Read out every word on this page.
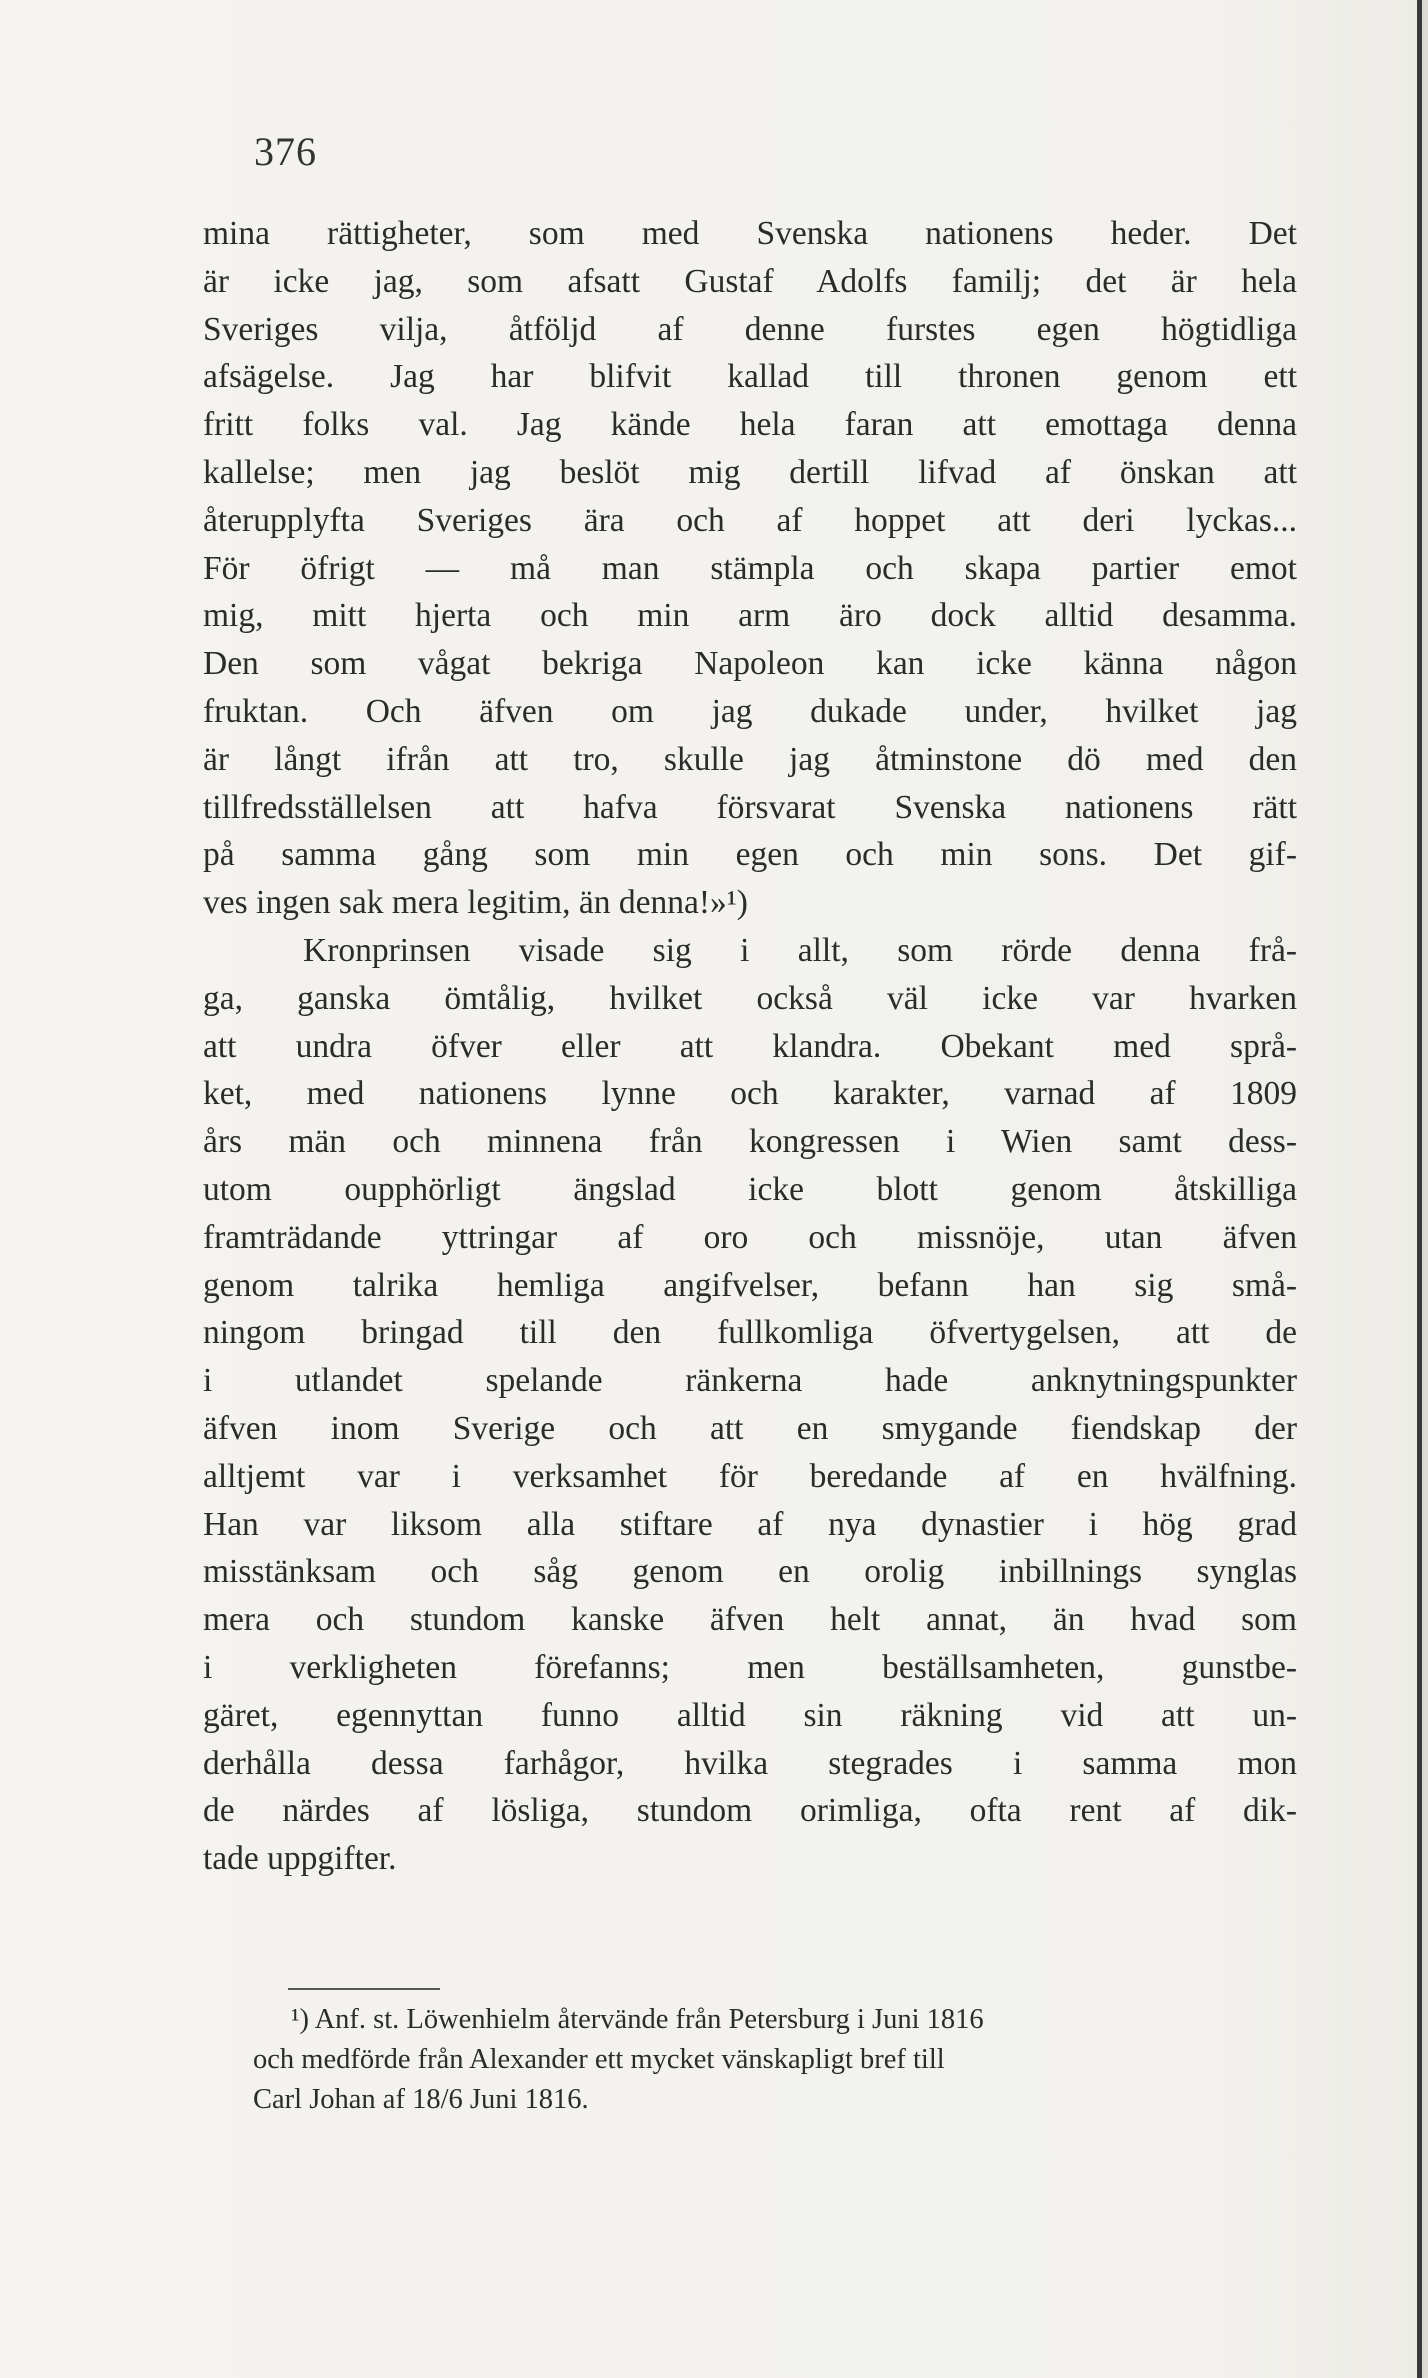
376
mina rättigheter, som med Svenska nationens heder. Det
är icke jag, som afsatt Gustaf Adolfs familj; det är hela
Sveriges vilja, åtföljd af denne furstes egen högtidliga
afsägelse. Jag har blifvit kallad till thronen genom ett
fritt folks val. Jag kände hela faran att emottaga denna
kallelse; men jag beslöt mig dertill lifvad af önskan att
återupplyfta Sveriges ära och af hoppet att deri lyckas...
För öfrigt — må man stämpla och skapa partier emot
mig, mitt hjerta och min arm äro dock alltid desamma.
Den som vågat bekriga Napoleon kan icke känna någon
fruktan. Och äfven om jag dukade under, hvilket jag
är långt ifrån att tro, skulle jag åtminstone dö med den
tillfredsställelsen att hafva försvarat Svenska nationens rätt
på samma gång som min egen och min sons. Det gif-
ves ingen sak mera legitim, än denna!»¹)
Kronprinsen visade sig i allt, som rörde denna frå-
ga, ganska ömtålig, hvilket också väl icke var hvarken
att undra öfver eller att klandra. Obekant med språ-
ket, med nationens lynne och karakter, varnad af 1809
års män och minnena från kongressen i Wien samt dess-
utom oupphörligt ängslad icke blott genom åtskilliga
framträdande yttringar af oro och missnöje, utan äfven
genom talrika hemliga angifvelser, befann han sig små-
ningom bringad till den fullkomliga öfvertygelsen, att de
i utlandet spelande ränkerna hade anknytningspunkter
äfven inom Sverige och att en smygande fiendskap der
alltjemt var i verksamhet för beredande af en hvälfning.
Han var liksom alla stiftare af nya dynastier i hög grad
misstänksam och såg genom en orolig inbillnings synglas
mera och stundom kanske äfven helt annat, än hvad som
i verkligheten förefanns; men beställsamheten, gunstbe-
gäret, egennyttan funno alltid sin räkning vid att un-
derhålla dessa farhågor, hvilka stegrades i samma mon
de närdes af lösliga, stundom orimliga, ofta rent af dik-
tade uppgifter.
¹) Anf. st. Löwenhielm återvände från Petersburg i Juni 1816
och medförde från Alexander ett mycket vänskapligt bref till
Carl Johan af 18/6 Juni 1816.
